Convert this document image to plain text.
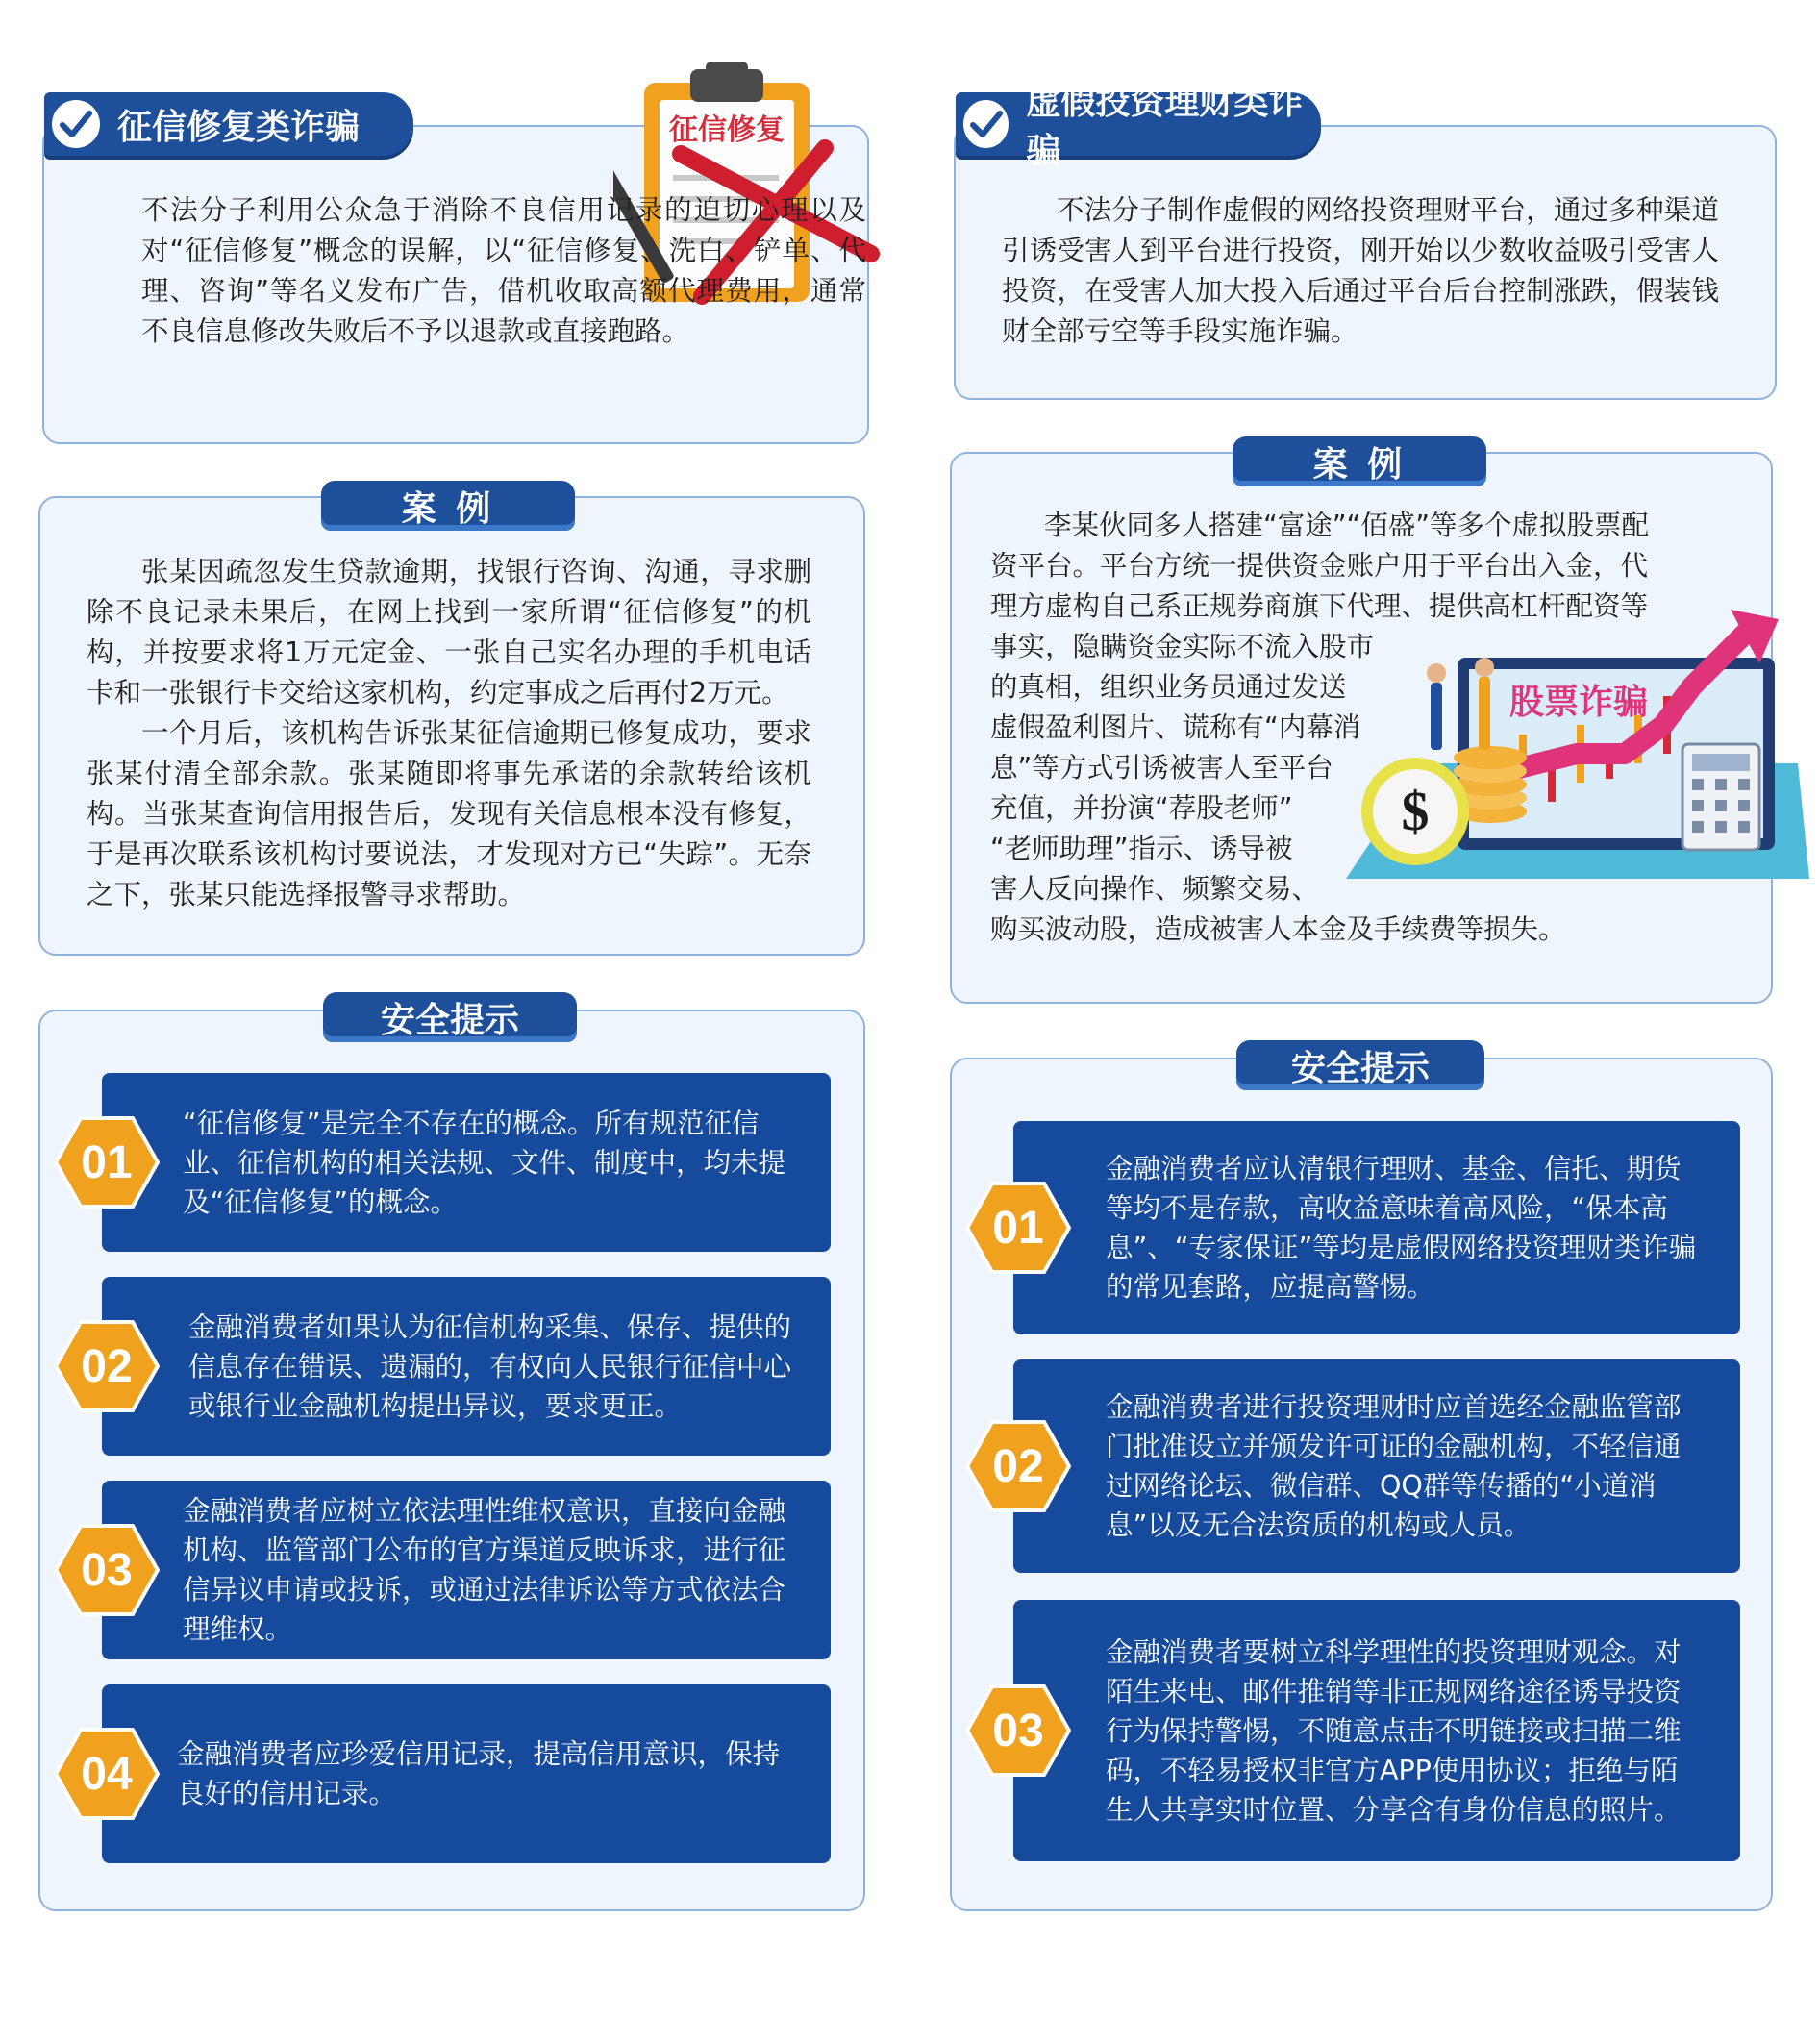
征信修复类诈骗	征信修复

不法分子利用公众急于消除不良信用记录的迫切心理以及对“征信修复”概念的误解，以“征信修复、洗白、铲单、代理、咨询”等名义发布广告，借机收取高额代理费用，通常不良信息修改失败后不予以退款或直接跑路。

案 例

张某因疏忽发生贷款逾期，找银行咨询、沟通，寻求删除不良记录未果后，在网上找到一家所谓“征信修复”的机构，并按要求将1万元定金、一张自己实名办理的手机电话卡和一张银行卡交给这家机构，约定事成之后再付2万元。

一个月后，该机构告诉张某征信逾期已修复成功，要求张某付清全部余款。张某随即将事先承诺的余款转给该机构。当张某查询信用报告后，发现有关信息根本没有修复，于是再次联系该机构讨要说法，才发现对方已“失踪”。无奈之下，张某只能选择报警寻求帮助。

安全提示
“征信修复”是完全不存在的概念。所有规范征信业、征信机构的相关法规、文件、制度中，均未提及“征信修复”的概念。
01
金融消费者如果认为征信机构采集、保存、提供的信息存在错误、遗漏的，有权向人民银行征信中心或银行业金融机构提出异议，要求更正。
02
金融消费者应树立依法理性维权意识，直接向金融机构、监管部门公布的官方渠道反映诉求，进行征信异议申请或投诉，或通过法律诉讼等方式依法合理维权。
03
金融消费者应珍爱信用记录，提高信用意识，保持良好的信用记录。
04
虚假投资理财类诈骗

不法分子制作虚假的网络投资理财平台，通过多种渠道引诱受害人到平台进行投资，刚开始以少数收益吸引受害人投资，在受害人加大投入后通过平台后台控制涨跌，假装钱财全部亏空等手段实施诈骗。

案 例
股票诈骗
$
李某伙同多人搭建“富途”“佰盛”等多个虚拟股票配
资平台。平台方统一提供资金账户用于平台出入金，代
理方虚构自己系正规券商旗下代理、提供高杠杆配资等
事实，隐瞒资金实际不流入股市
的真相，组织业务员通过发送
虚假盈利图片、谎称有“内幕消
息”等方式引诱被害人至平台
充值，并扮演“荐股老师”
“老师助理”指示、诱导被
害人反向操作、频繁交易、
购买波动股，造成被害人本金及手续费等损失。
安全提示
金融消费者应认清银行理财、基金、信托、期货等均不是存款，高收益意味着高风险，“保本高息”、“专家保证”等均是虚假网络投资理财类诈骗的常见套路，应提高警惕。
01
金融消费者进行投资理财时应首选经金融监管部门批准设立并颁发许可证的金融机构，不轻信通过网络论坛、微信群、QQ群等传播的“小道消息”以及无合法资质的机构或人员。
02
金融消费者要树立科学理性的投资理财观念。对陌生来电、邮件推销等非正规网络途径诱导投资行为保持警惕，不随意点击不明链接或扫描二维码，不轻易授权非官方APP使用协议；拒绝与陌生人共享实时位置、分享含有身份信息的照片。
03
